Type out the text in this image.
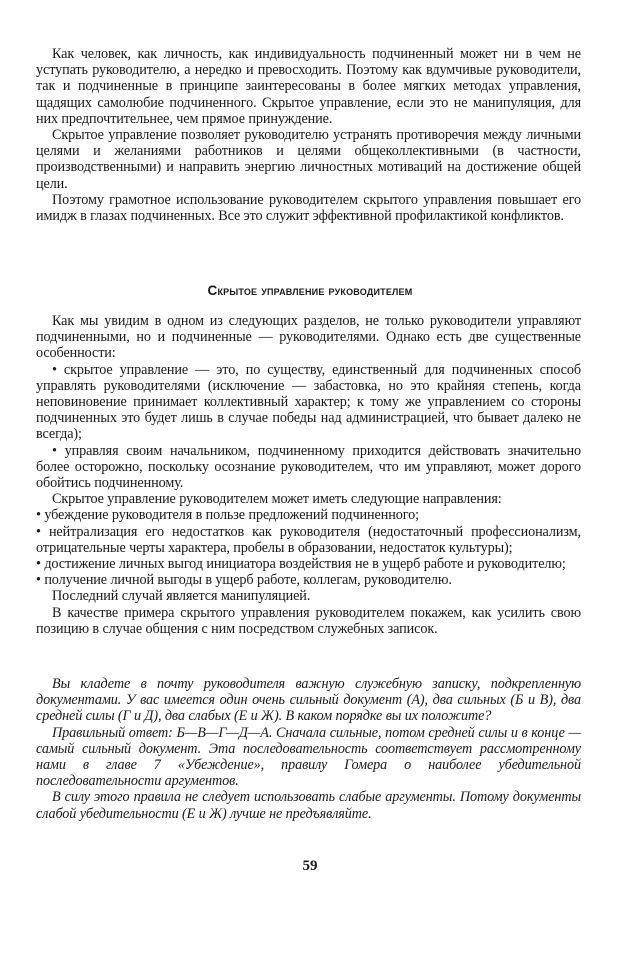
Как человек, как личность, как индивидуальность подчиненный может ни в чем не уступать руководителю, а нередко и превосходить. Поэтому как вдумчивые руководители, так и подчиненные в принципе заинтересованы в более мягких методах управления, щадящих самолюбие подчиненного. Скрытое управление, если это не манипуляция, для них предпочтительнее, чем прямое принуждение.

Скрытое управление позволяет руководителю устранять противоречия между личными целями и желаниями работников и целями общеколлективными (в частности, производственными) и направить энергию личностных мотиваций на достижение общей цели.

Поэтому грамотное использование руководителем скрытого управления повышает его имидж в глазах подчиненных. Все это служит эффективной профилактикой конфликтов.

Скрытое управление руководителем

Как мы увидим в одном из следующих разделов, не только руководители управляют подчиненными, но и подчиненные — руководителями. Однако есть две существенные особенности:

• скрытое управление — это, по существу, единственный для подчиненных способ управлять руководителями (исключение — забастовка, но это крайняя степень, когда неповиновение принимает коллективный характер; к тому же управлением со стороны подчиненных это будет лишь в случае победы над администрацией, что бывает далеко не всегда);

• управляя своим начальником, подчиненному приходится действовать значительно более осторожно, поскольку осознание руководителем, что им управляют, может дорого обойтись подчиненному.

Скрытое управление руководителем может иметь следующие направления:

• убеждение руководителя в пользе предложений подчиненного;

• нейтрализация его недостатков как руководителя (недостаточный профессионализм, отрицательные черты характера, пробелы в образовании, недостаток культуры);

• достижение личных выгод инициатора воздействия не в ущерб работе и руководителю;

• получение личной выгоды в ущерб работе, коллегам, руководителю.

Последний случай является манипуляцией.

В качестве примера скрытого управления руководителем покажем, как усилить свою позицию в случае общения с ним посредством служебных записок.

Вы кладете в почту руководителя важную служебную записку, подкрепленную документами. У вас имеется один очень сильный документ (А), два сильных (Б и В), два средней силы (Г и Д), два слабых (Е и Ж). В каком порядке вы их положите?

Правильный ответ: Б—В—Г—Д—А. Сначала сильные, потом средней силы и в конце — самый сильный документ. Эта последовательность соответствует рассмотренному нами в главе 7 «Убеждение», правилу Гомера о наиболее убедительной последовательности аргументов.

В силу этого правила не следует использовать слабые аргументы. Потому документы слабой убедительности (Е и Ж) лучше не предъявляйте.

59
